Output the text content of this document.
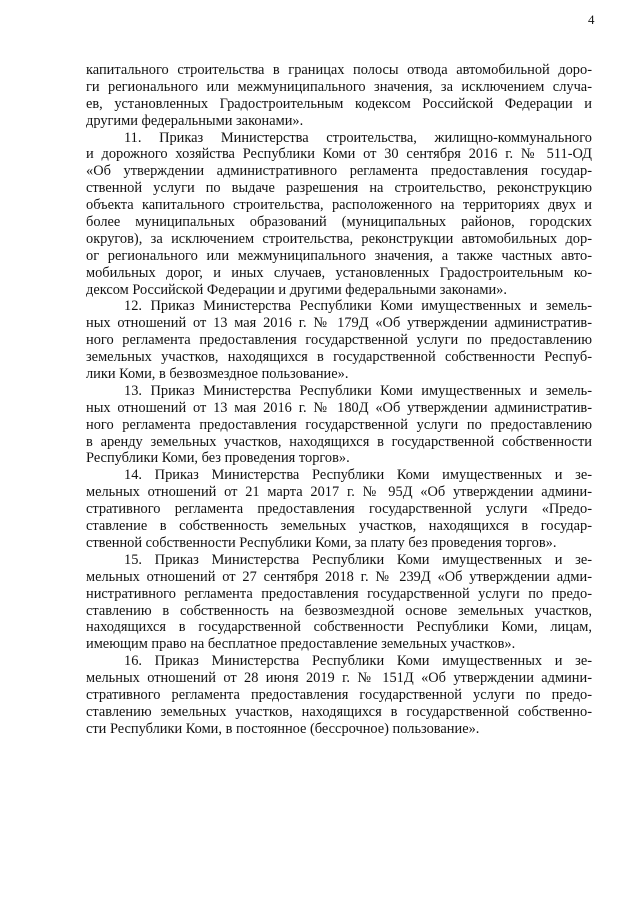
4
капитального строительства в границах полосы отвода автомобильной доро-
ги регионального или межмуниципального значения, за исключением случа-
ев, установленных Градостроительным кодексом Российской Федерации и
другими федеральными законами».
11. Приказ Министерства строительства, жилищно-коммунального
и дорожного хозяйства Республики Коми от 30 сентября 2016 г. № 511-ОД
«Об утверждении административного регламента предоставления государ-
ственной услуги по выдаче разрешения на строительство, реконструкцию
объекта капитального строительства, расположенного на территориях двух и
более муниципальных образований (муниципальных районов, городских
округов), за исключением строительства, реконструкции автомобильных дор-
ог регионального или межмуниципального значения, а также частных авто-
мобильных дорог, и иных случаев, установленных Градостроительным ко-
дексом Российской Федерации и другими федеральными законами».
12. Приказ Министерства Республики Коми имущественных и земель-
ных отношений от 13 мая 2016 г. № 179Д «Об утверждении административ-
ного регламента предоставления государственной услуги по предоставлению
земельных участков, находящихся в государственной собственности Респуб-
лики Коми, в безвозмездное пользование».
13. Приказ Министерства Республики Коми имущественных и земель-
ных отношений от 13 мая 2016 г. № 180Д «Об утверждении административ-
ного регламента предоставления государственной услуги по предоставлению
в аренду земельных участков, находящихся в государственной собственности
Республики Коми, без проведения торгов».
14. Приказ Министерства Республики Коми имущественных и зе-
мельных отношений от 21 марта 2017 г. № 95Д «Об утверждении админи-
стративного регламента предоставления государственной услуги «Предо-
ставление в собственность земельных участков, находящихся в государ-
ственной собственности Республики Коми, за плату без проведения торгов».
15. Приказ Министерства Республики Коми имущественных и зе-
мельных отношений от 27 сентября 2018 г. № 239Д «Об утверждении адми-
нистративного регламента предоставления государственной услуги по предо-
ставлению в собственность на безвозмездной основе земельных участков,
находящихся в государственной собственности Республики Коми, лицам,
имеющим право на бесплатное предоставление земельных участков».
16. Приказ Министерства Республики Коми имущественных и зе-
мельных отношений от 28 июня 2019 г. № 151Д «Об утверждении админи-
стративного регламента предоставления государственной услуги по предо-
ставлению земельных участков, находящихся в государственной собственно-
сти Республики Коми, в постоянное (бессрочное) пользование».
